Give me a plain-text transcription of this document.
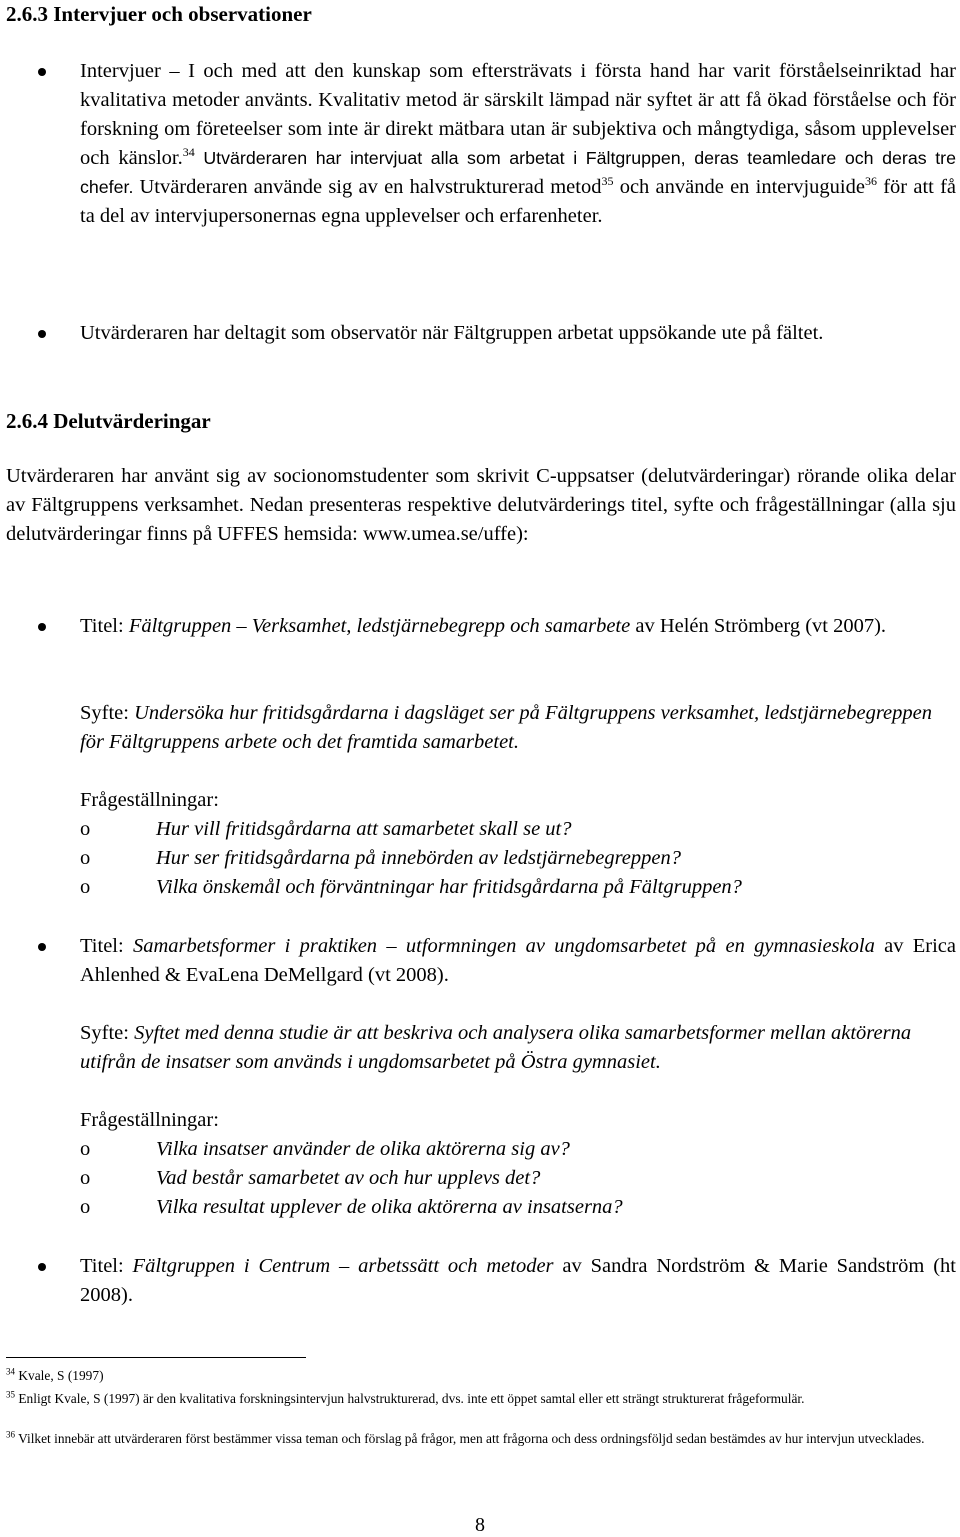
2.6.3 Intervjuer och observationer

Intervjuer – I och med att den kunskap som eftersträvats i första hand har varit förståelseinriktad har kvalitativa metoder använts. Kvalitativ metod är särskilt lämpad när syftet är att få ökad förståelse och för forskning om företeelser som inte är direkt mätbara utan är subjektiva och mångtydiga, såsom upplevelser och känslor.$^{34}$ Utvärderaren har intervjuat alla som arbetat i Fältgruppen, deras teamledare och deras tre chefer. Utvärderaren använde sig av en halvstrukturerad metod$^{35}$ och använde en intervjuguide$^{36}$ för att få ta del av intervjupersonernas egna upplevelser och erfarenheter.

Utvärderaren har deltagit som observatör när Fältgruppen arbetat uppsökande ute på fältet.

2.6.4 Delutvärderingar

Utvärderaren har använt sig av socionomstudenter som skrivit C-uppsatser (delutvärderingar) rörande olika delar av Fältgruppens verksamhet. Nedan presenteras respektive delutvärderings titel, syfte och frågeställningar (alla sju delutvärderingar finns på UFFES hemsida: www.umea.se/uffe):

Titel: Fältgruppen – Verksamhet, ledstjärnebegrepp och samarbete av Helén Strömberg (vt 2007).

Syfte: Undersöka hur fritidsgårdarna i dagsläget ser på Fältgruppens verksamhet, ledstjärnebegreppen för Fältgruppens arbete och det framtida samarbetet.

Frågeställningar:

o	Hur vill fritidsgårdarna att samarbetet skall se ut?

o	Hur ser fritidsgårdarna på innebörden av ledstjärnebegreppen?

o	Vilka önskemål och förväntningar har fritidsgårdarna på Fältgruppen?

Titel: Samarbetsformer i praktiken – utformningen av ungdomsarbetet på en gymnasieskola av Erica Ahlenhed & EvaLena DeMellgard (vt 2008).

Syfte: Syftet med denna studie är att beskriva och analysera olika samarbetsformer mellan aktörerna utifrån de insatser som används i ungdomsarbetet på Östra gymnasiet.

Frågeställningar:

o	Vilka insatser använder de olika aktörerna sig av?

o	Vad består samarbetet av och hur upplevs det?

o	Vilka resultat upplever de olika aktörerna av insatserna?

Titel: Fältgruppen i Centrum – arbetssätt och metoder av Sandra Nordström & Marie Sandström (ht 2008).

$^{34}$ Kvale, S (1997)

$^{35}$ Enligt Kvale, S (1997) är den kvalitativa forskningsintervjun halvstrukturerad, dvs. inte ett öppet samtal eller ett strängt strukturerat frågeformulär.

$^{36}$ Vilket innebär att utvärderaren först bestämmer vissa teman och förslag på frågor, men att frågorna och dess ordningsföljd sedan bestämdes av hur intervjun utvecklades.

8
